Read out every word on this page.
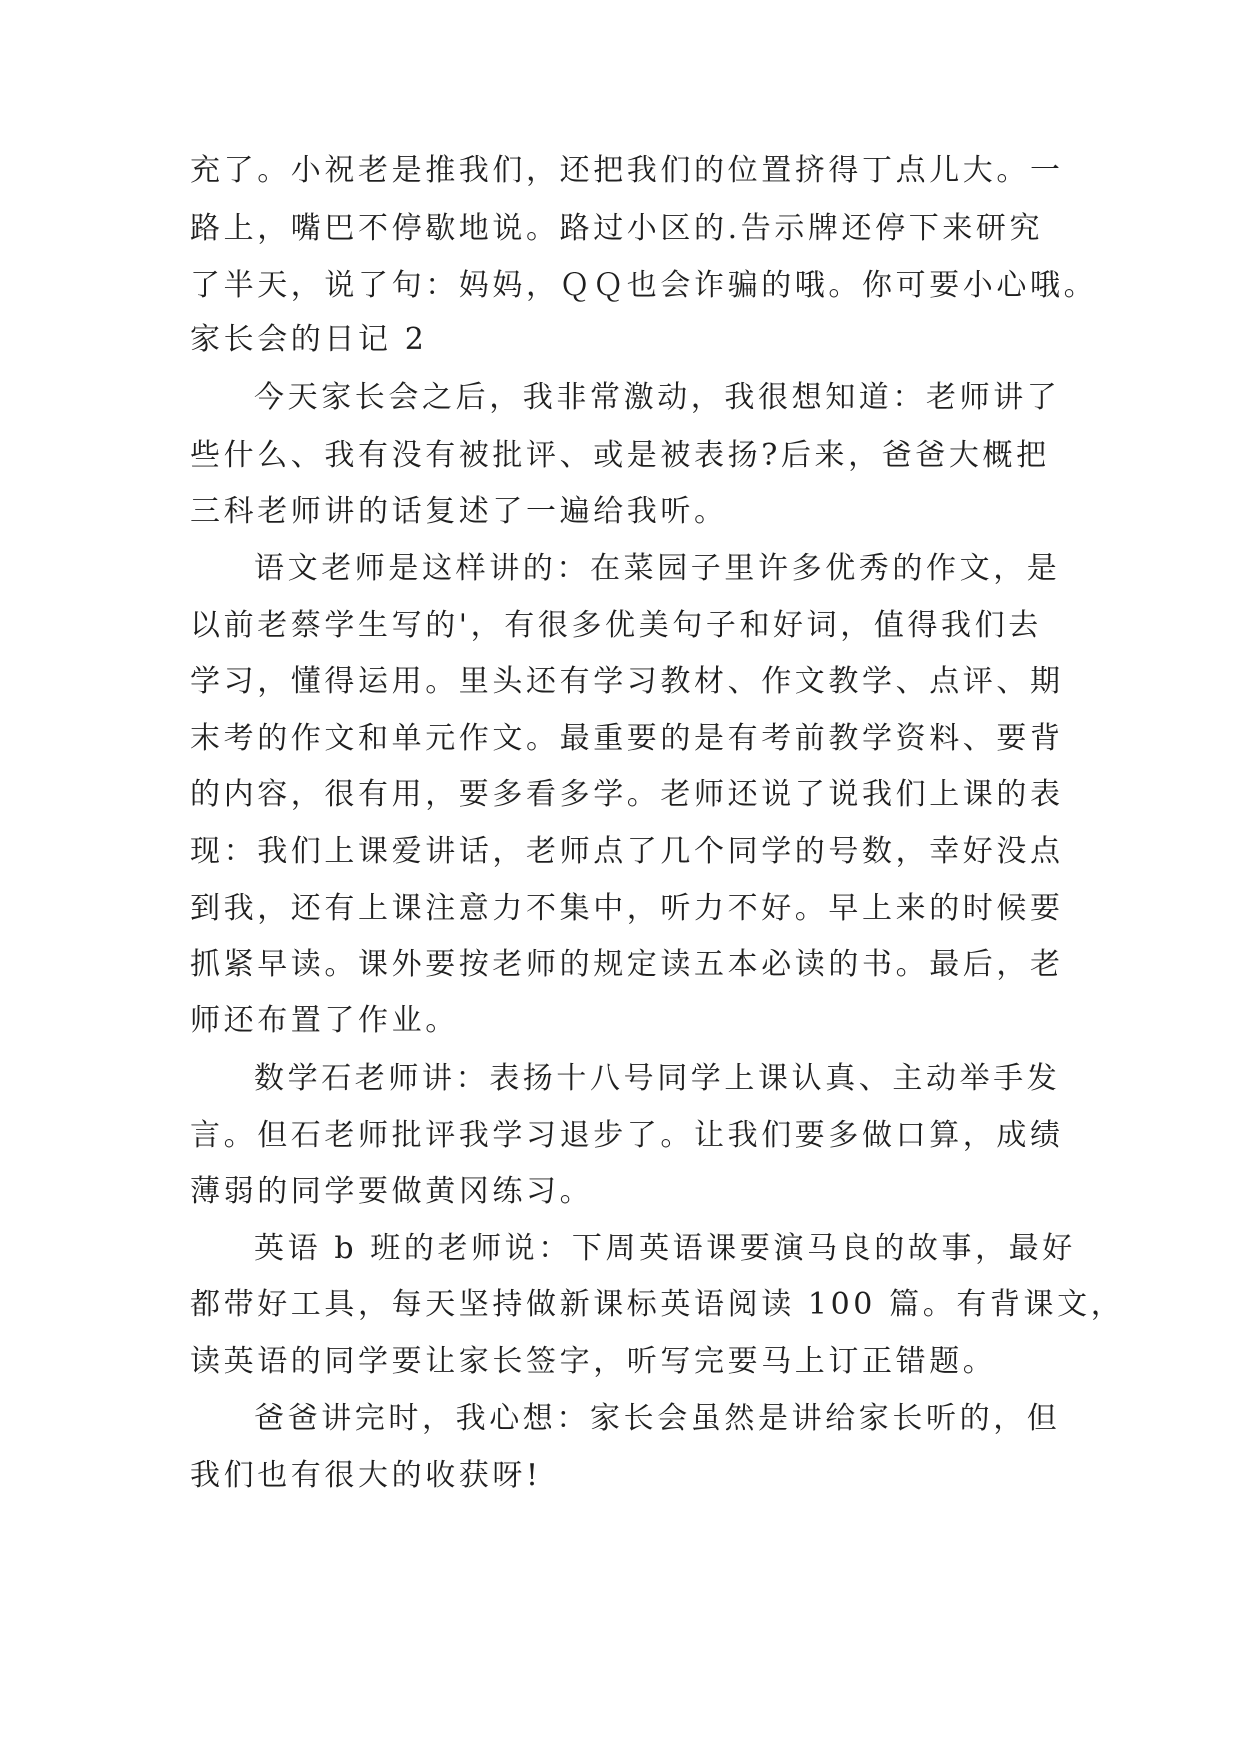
充了。小祝老是推我们，还把我们的位置挤得丁点儿大。一
路上，嘴巴不停歇地说。路过小区的.告示牌还停下来研究
了半天，说了句：妈妈，ＱＱ也会诈骗的哦。你可要小心哦。
家长会的日记 2
今天家长会之后，我非常激动，我很想知道：老师讲了
些什么、我有没有被批评、或是被表扬?后来，爸爸大概把
三科老师讲的话复述了一遍给我听。
语文老师是这样讲的：在菜园子里许多优秀的作文，是
以前老蔡学生写的'，有很多优美句子和好词，值得我们去
学习，懂得运用。里头还有学习教材、作文教学、点评、期
末考的作文和单元作文。最重要的是有考前教学资料、要背
的内容，很有用，要多看多学。老师还说了说我们上课的表
现：我们上课爱讲话，老师点了几个同学的号数，幸好没点
到我，还有上课注意力不集中，听力不好。早上来的时候要
抓紧早读。课外要按老师的规定读五本必读的书。最后，老
师还布置了作业。
数学石老师讲：表扬十八号同学上课认真、主动举手发
言。但石老师批评我学习退步了。让我们要多做口算，成绩
薄弱的同学要做黄冈练习。
英语 b 班的老师说：下周英语课要演马良的故事，最好
都带好工具，每天坚持做新课标英语阅读 100 篇。有背课文，
读英语的同学要让家长签字，听写完要马上订正错题。
爸爸讲完时，我心想：家长会虽然是讲给家长听的，但
我们也有很大的收获呀!
